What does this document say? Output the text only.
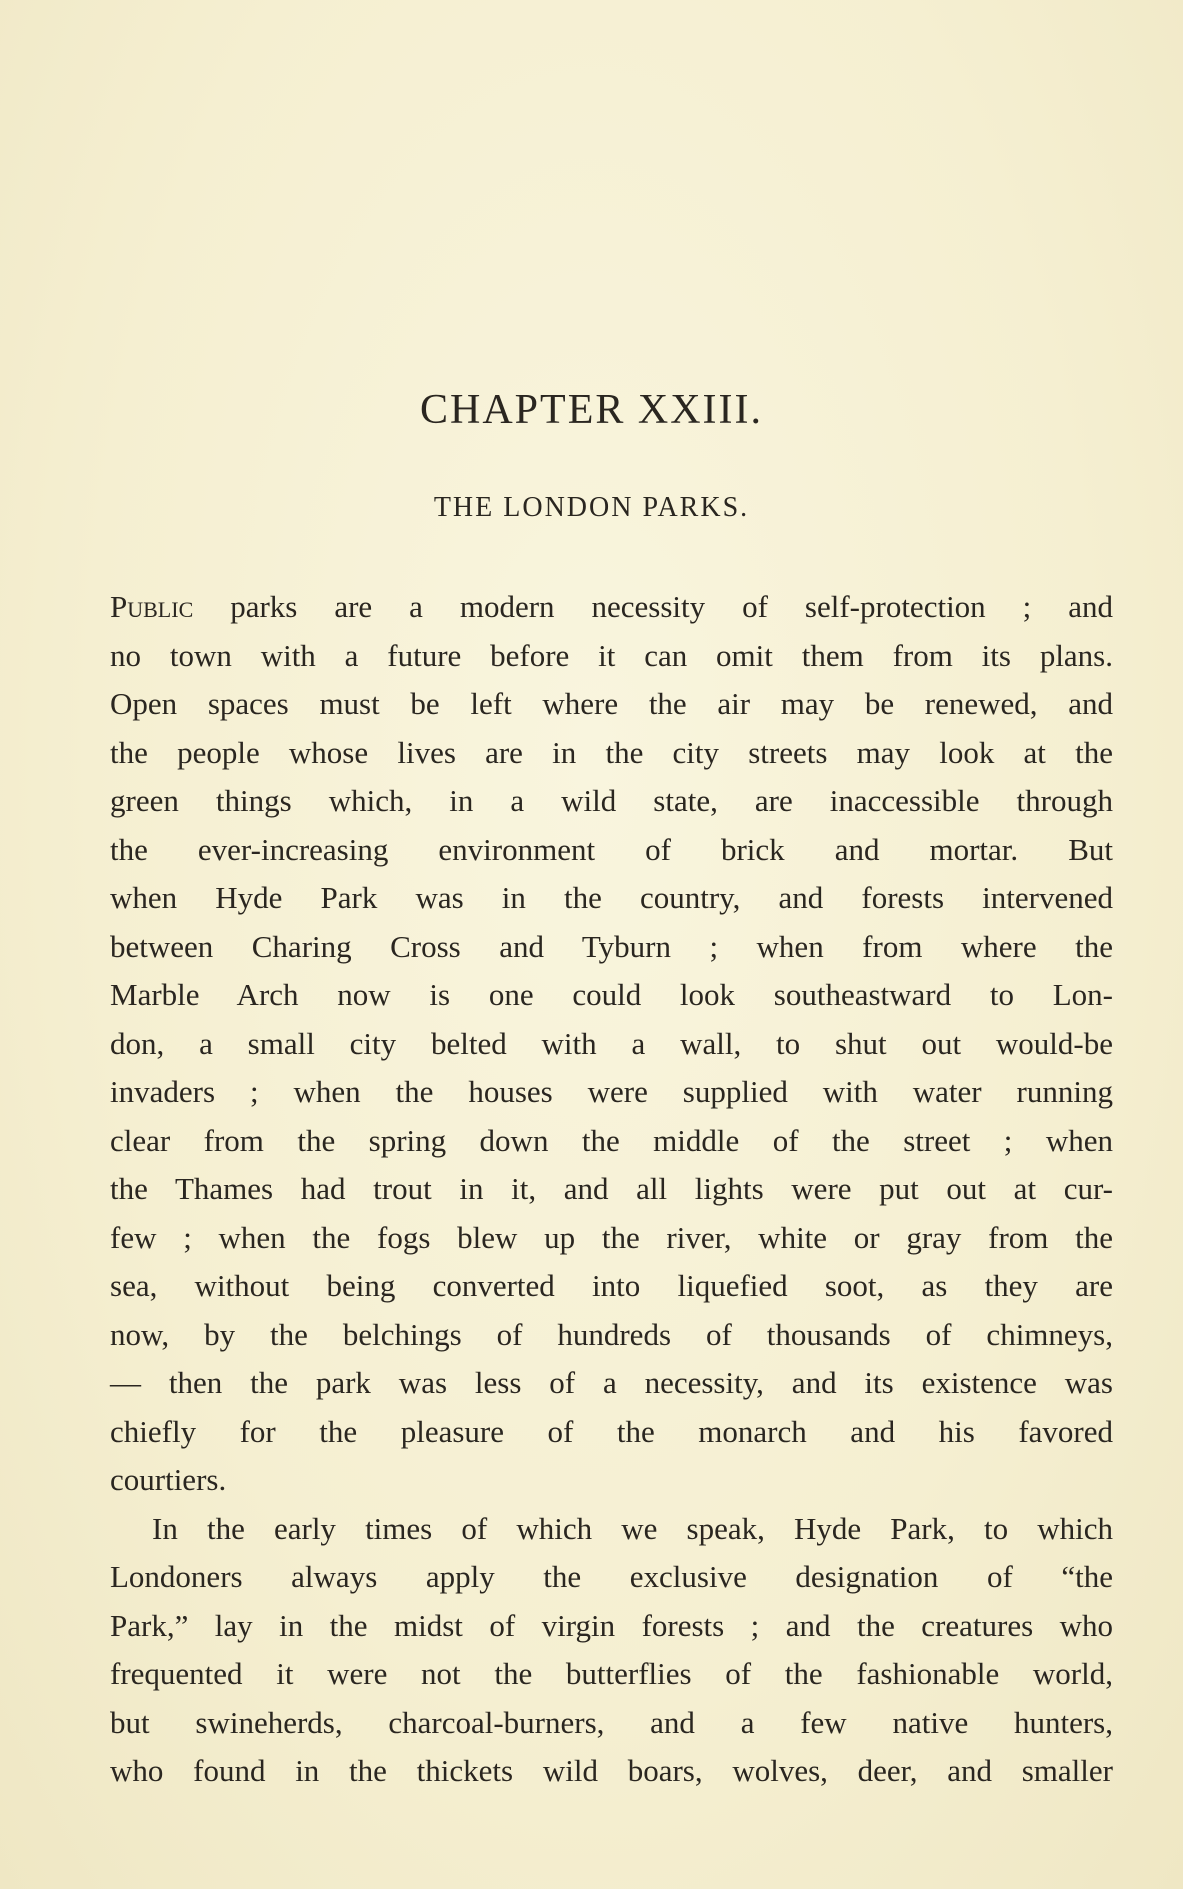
CHAPTER XXIII.
THE LONDON PARKS.
Public parks are a modern necessity of self-protection ; and
no town with a future before it can omit them from its plans.
Open spaces must be left where the air may be renewed, and
the people whose lives are in the city streets may look at the
green things which, in a wild state, are inaccessible through
the ever-increasing environment of brick and mortar. But
when Hyde Park was in the country, and forests intervened
between Charing Cross and Tyburn ; when from where the
Marble Arch now is one could look southeastward to Lon-
don, a small city belted with a wall, to shut out would-be
invaders ; when the houses were supplied with water running
clear from the spring down the middle of the street ; when
the Thames had trout in it, and all lights were put out at cur-
few ; when the fogs blew up the river, white or gray from the
sea, without being converted into liquefied soot, as they are
now, by the belchings of hundreds of thousands of chimneys,
— then the park was less of a necessity, and its existence was
chiefly for the pleasure of the monarch and his favored
courtiers.
In the early times of which we speak, Hyde Park, to which
Londoners always apply the exclusive designation of “the
Park,” lay in the midst of virgin forests ; and the creatures who
frequented it were not the butterflies of the fashionable world,
but swineherds, charcoal-burners, and a few native hunters,
who found in the thickets wild boars, wolves, deer, and smaller
